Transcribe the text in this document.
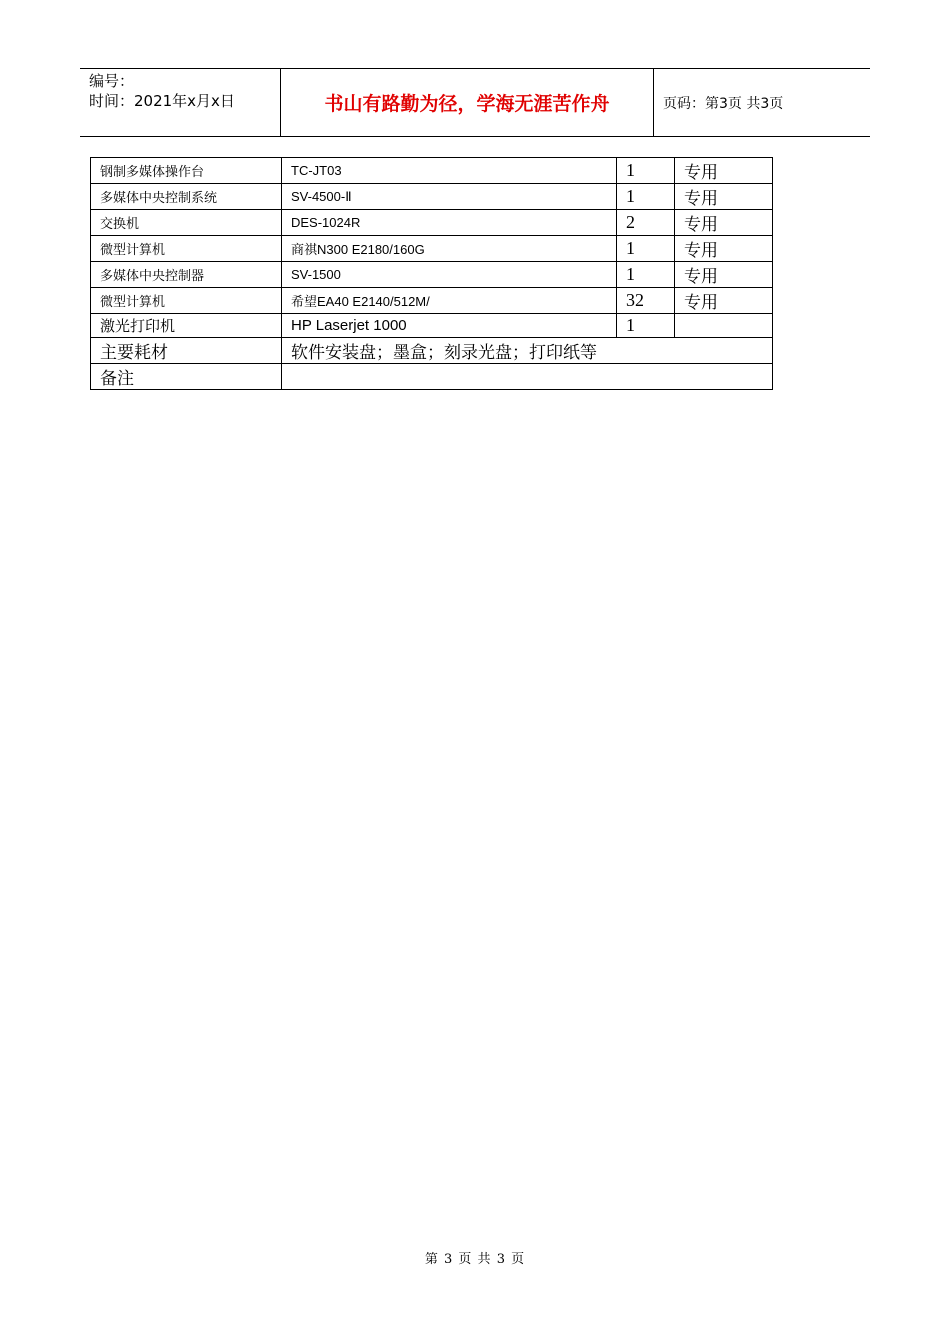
编号：
时间：2021年x月x日	书山有路勤为径，学海无涯苦作舟	页码：第3页 共3页
钢制多媒体操作台	TC-JT03	1	专用
多媒体中央控制系统	SV-4500-Ⅱ	1	专用
交换机	DES-1024R	2	专用
微型计算机	商祺N300 E2180/160G	1	专用
多媒体中央控制器	SV-1500	1	专用
微型计算机	希望EA40 E2140/512M/	32	专用
激光打印机	HP Laserjet 1000	1	
主要耗材	软件安装盘；墨盒；刻录光盘；打印纸等		
备注			
第 3 页 共 3 页
